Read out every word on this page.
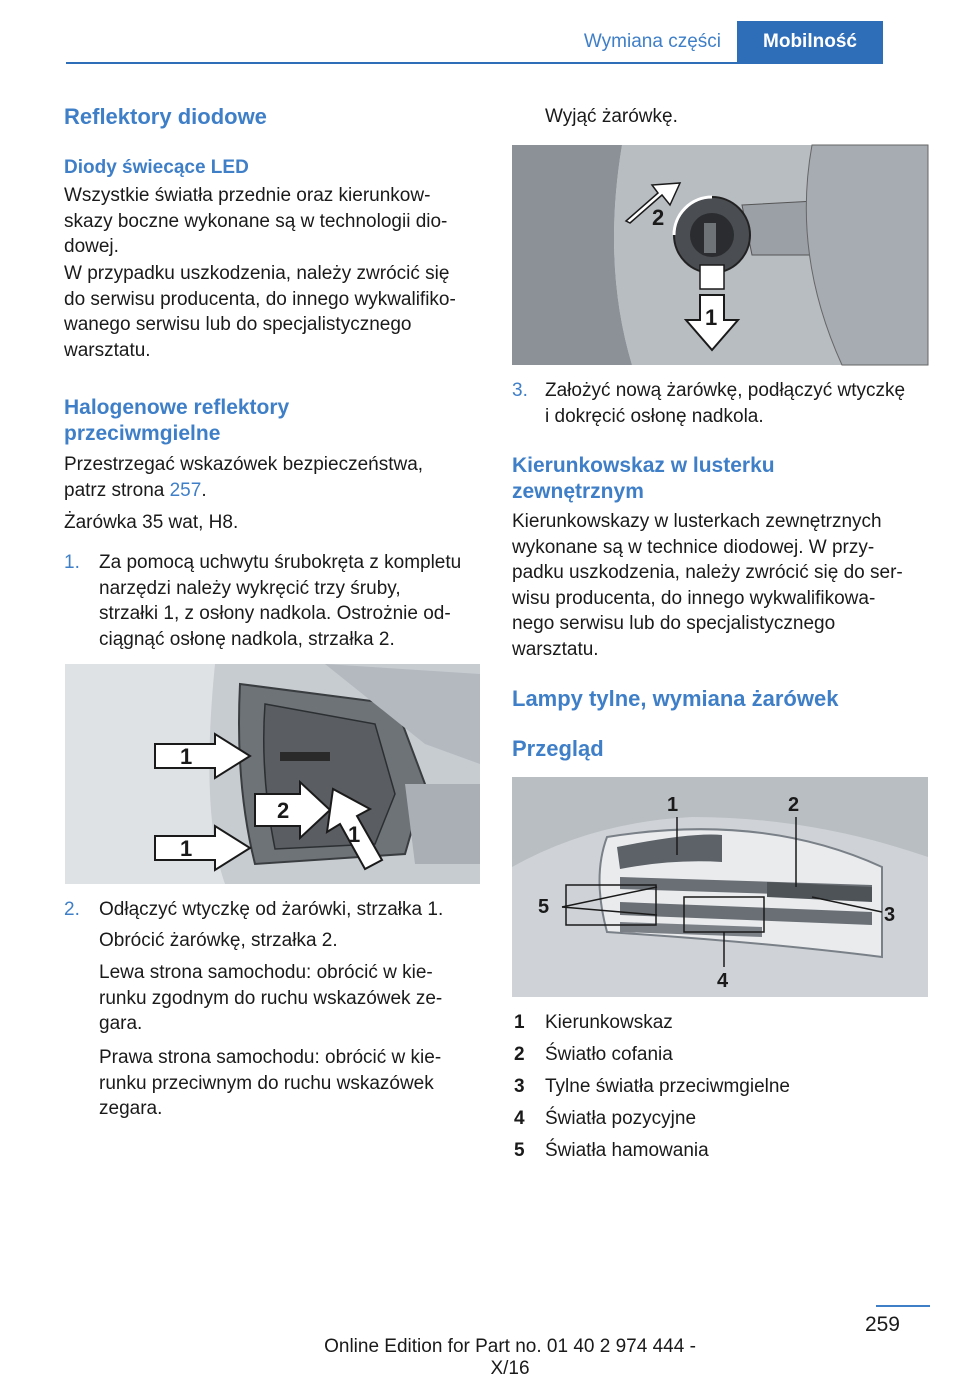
Wymiana części	Mobilność
Reflektory diodowe
Diody świecące LED
Wszystkie światła przednie oraz kierunkow-
skazy boczne wykonane są w technologii dio-
dowej.
W przypadku uszkodzenia, należy zwrócić się
do serwisu producenta, do innego wykwalifiko-
wanego serwisu lub do specjalistycznego
warsztatu.
Halogenowe reflektory
przeciwmgielne
Przestrzegać wskazówek bezpieczeństwa,
patrz strona 257.
Żarówka 35 wat, H8.
1. Za pomocą uchwytu śrubokręta z kompletu
narzędzi należy wykręcić trzy śruby,
strzałki 1, z osłony nadkola. Ostrożnie od-
ciągnąć osłonę nadkola, strzałka 2.
1
2
1
1
2. Odłączyć wtyczkę od żarówki, strzałka 1.
Obrócić żarówkę, strzałka 2.
Lewa strona samochodu: obrócić w kie-
runku zgodnym do ruchu wskazówek ze-
gara.
Prawa strona samochodu: obrócić w kie-
runku przeciwnym do ruchu wskazówek
zegara.
Wyjąć żarówkę.
2
1
3. Założyć nową żarówkę, podłączyć wtyczkę
i dokręcić osłonę nadkola.
Kierunkowskaz w lusterku
zewnętrznym
Kierunkowskazy w lusterkach zewnętrznych
wykonane są w technice diodowej. W przy-
padku uszkodzenia, należy zwrócić się do ser-
wisu producenta, do innego wykwalifikowa-
nego serwisu lub do specjalistycznego
warsztatu.
Lampy tylne, wymiana żarówek
Przegląd
1	2
5	3
4
1 Kierunkowskaz
2 Światło cofania
3 Tylne światła przeciwmgielne
4 Światła pozycyjne
5 Światła hamowania
259
Online Edition for Part no. 01 40 2 974 444 - X/16
